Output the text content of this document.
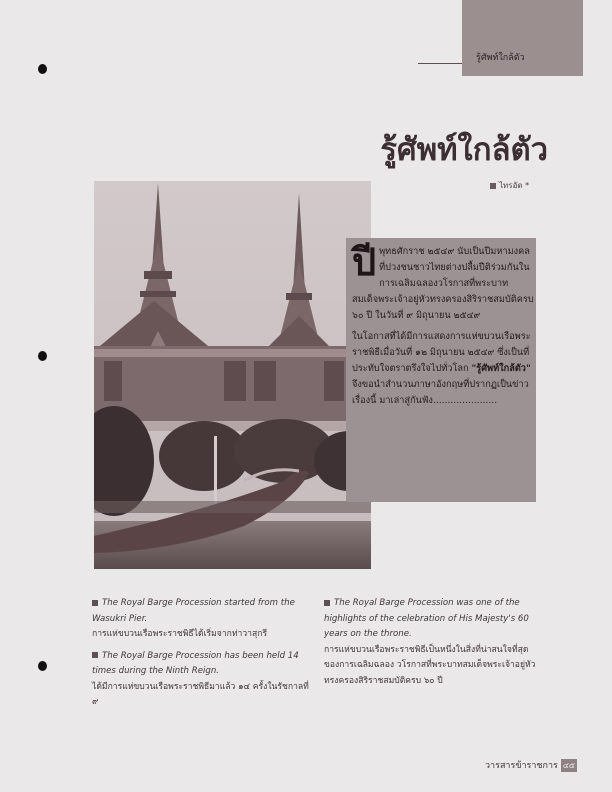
รู้ศัพท์ใกล้ตัว
รู้ศัพท์ใกล้ตัว
ไทรอัด *

ปีพุทธศักราช ๒๕๔๙ นับเป็นปีมหามงคล ที่ปวงชนชาวไทยต่างปลื้มปีติร่วมกันในการเฉลิมฉลองวโรกาสที่พระบาทสมเด็จพระเจ้าอยู่หัวทรงครองสิริราชสมบัติครบ ๖๐ ปี ในวันที่ ๙ มิถุนายน ๒๕๔๙

ในโอกาสที่ได้มีการแสดงการแห่ขบวนเรือพระราชพิธีเมื่อวันที่ ๑๒ มิถุนายน ๒๕๔๙ ซึ่งเป็นที่ประทับใจตราตรึงใจไปทั่วโลก "รู้ศัพท์ใกล้ตัว" จึงขอนำสำนวนภาษาอังกฤษที่ปรากฏเป็นข่าวเรื่องนี้ มาเล่าสู่กันฟัง......................

The Royal Barge Procession started from the Wasukri Pier.
การแห่ขบวนเรือพระราชพิธีได้เริ่มจากท่าวาสุกรี

The Royal Barge Procession has been held 14 times during the Ninth Reign.
ได้มีการแห่ขบวนเรือพระราชพิธีมาแล้ว ๑๔ ครั้งในรัชกาลที่ ๙

The Royal Barge Procession was one of the highlights of the celebration of His Majesty's 60 years on the throne.
การแห่ขบวนเรือพระราชพิธีเป็นหนึ่งในสิ่งที่น่าสนใจที่สุดของการเฉลิมฉลอง วโรกาสที่พระบาทสมเด็จพระเจ้าอยู่หัวทรงครองสิริราชสมบัติครบ ๖๐ ปี

วารสารข้าราชการ ๔๕
